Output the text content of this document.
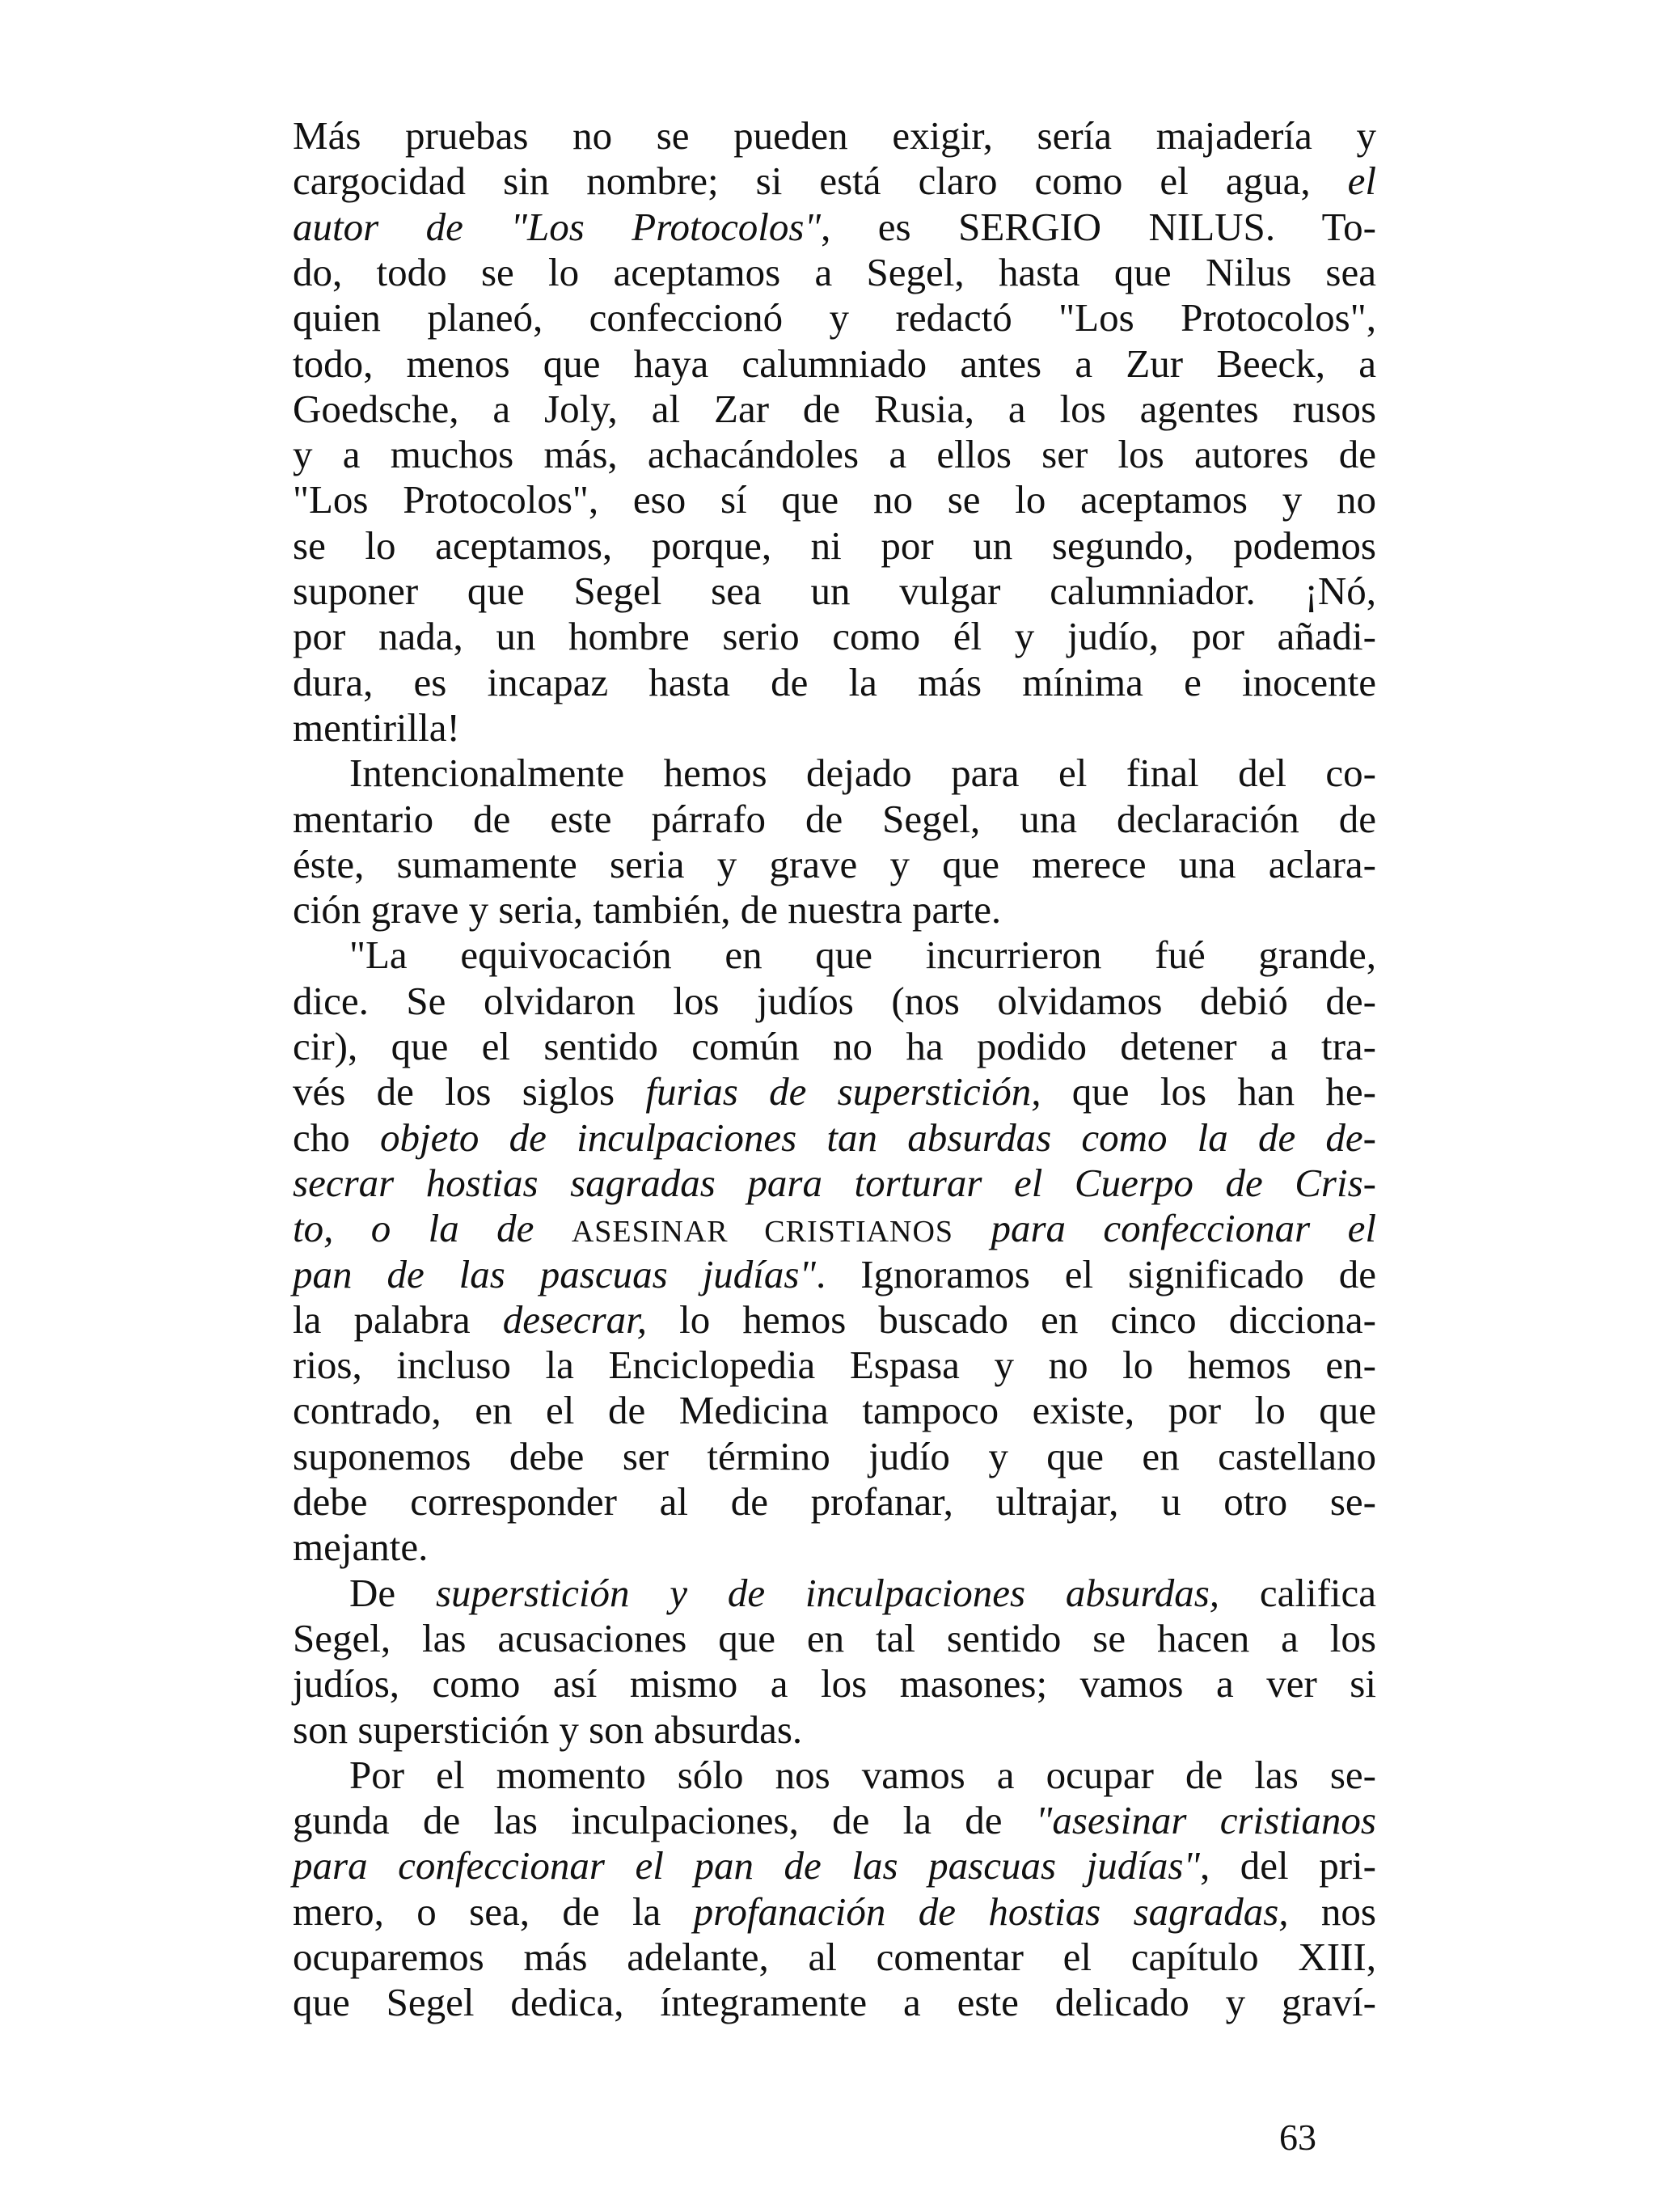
Más pruebas no se pueden exigir, sería majadería y
cargocidad sin nombre; si está claro como el agua, el
autor de "Los Protocolos", es SERGIO NILUS. To-
do, todo se lo aceptamos a Segel, hasta que Nilus sea
quien planeó, confeccionó y redactó "Los Protocolos",
todo, menos que haya calumniado antes a Zur Beeck, a
Goedsche, a Joly, al Zar de Rusia, a los agentes rusos
y a muchos más, achacándoles a ellos ser los autores de
"Los Protocolos", eso sí que no se lo aceptamos y no
se lo aceptamos, porque, ni por un segundo, podemos
suponer que Segel sea un vulgar calumniador. ¡Nó,
por nada, un hombre serio como él y judío, por añadi-
dura, es incapaz hasta de la más mínima e inocente
mentirilla!
Intencionalmente hemos dejado para el final del co-
mentario de este párrafo de Segel, una declaración de
éste, sumamente seria y grave y que merece una aclara-
ción grave y seria, también, de nuestra parte.
"La equivocación en que incurrieron fué grande,
dice. Se olvidaron los judíos (nos olvidamos debió de-
cir), que el sentido común no ha podido detener a tra-
vés de los siglos furias de superstición, que los han he-
cho objeto de inculpaciones tan absurdas como la de de-
secrar hostias sagradas para torturar el Cuerpo de Cris-
to, o la de ASESINAR CRISTIANOS para confeccionar el
pan de las pascuas judías". Ignoramos el significado de
la palabra desecrar, lo hemos buscado en cinco dicciona-
rios, incluso la Enciclopedia Espasa y no lo hemos en-
contrado, en el de Medicina tampoco existe, por lo que
suponemos debe ser término judío y que en castellano
debe corresponder al de profanar, ultrajar, u otro se-
mejante.
De superstición y de inculpaciones absurdas, califica
Segel, las acusaciones que en tal sentido se hacen a los
judíos, como así mismo a los masones; vamos a ver si
son superstición y son absurdas.
Por el momento sólo nos vamos a ocupar de las se-
gunda de las inculpaciones, de la de "asesinar cristianos
para confeccionar el pan de las pascuas judías", del pri-
mero, o sea, de la profanación de hostias sagradas, nos
ocuparemos más adelante, al comentar el capítulo XIII,
que Segel dedica, íntegramente a este delicado y graví-
63
